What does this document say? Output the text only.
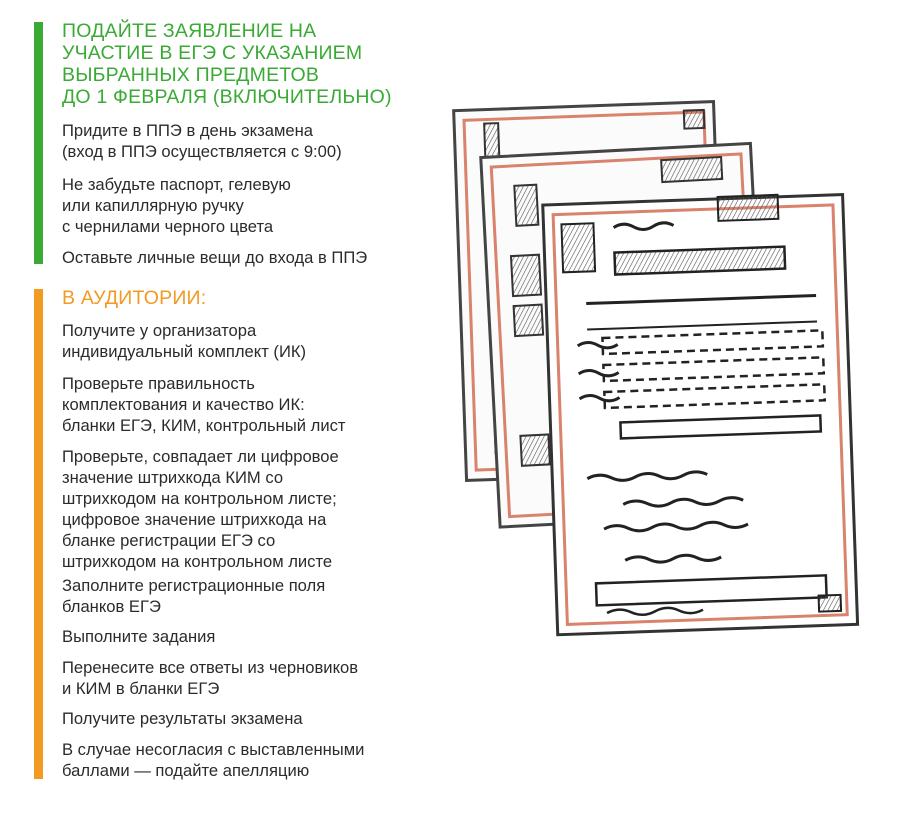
ПОДАЙТЕ ЗАЯВЛЕНИЕ НА
УЧАСТИЕ В ЕГЭ С УКАЗАНИЕМ
ВЫБРАННЫХ ПРЕДМЕТОВ
ДО 1 ФЕВРАЛЯ (ВКЛЮЧИТЕЛЬНО)
Придите в ППЭ в день экзамена
(вход в ППЭ осуществляется с 9:00)
Не забудьте паспорт, гелевую
или капиллярную ручку
с чернилами черного цвета
Оставьте личные вещи до входа в ППЭ
В АУДИТОРИИ:
Получите у организатора
индивидуальный комплект (ИК)
Проверьте правильность
комплектования и качество ИК:
бланки ЕГЭ, КИМ, контрольный лист
Проверьте, совпадает ли цифровое
значение штрихкода КИМ со
штрихкодом на контрольном листе;
цифровое значение штрихкода на
бланке регистрации ЕГЭ со
штрихкодом на контрольном листе
Заполните регистрационные поля
бланков ЕГЭ
Выполните задания
Перенесите все ответы из черновиков
и КИМ в бланки ЕГЭ
Получите результаты экзамена
В случае несогласия с выставленными
баллами — подайте апелляцию
